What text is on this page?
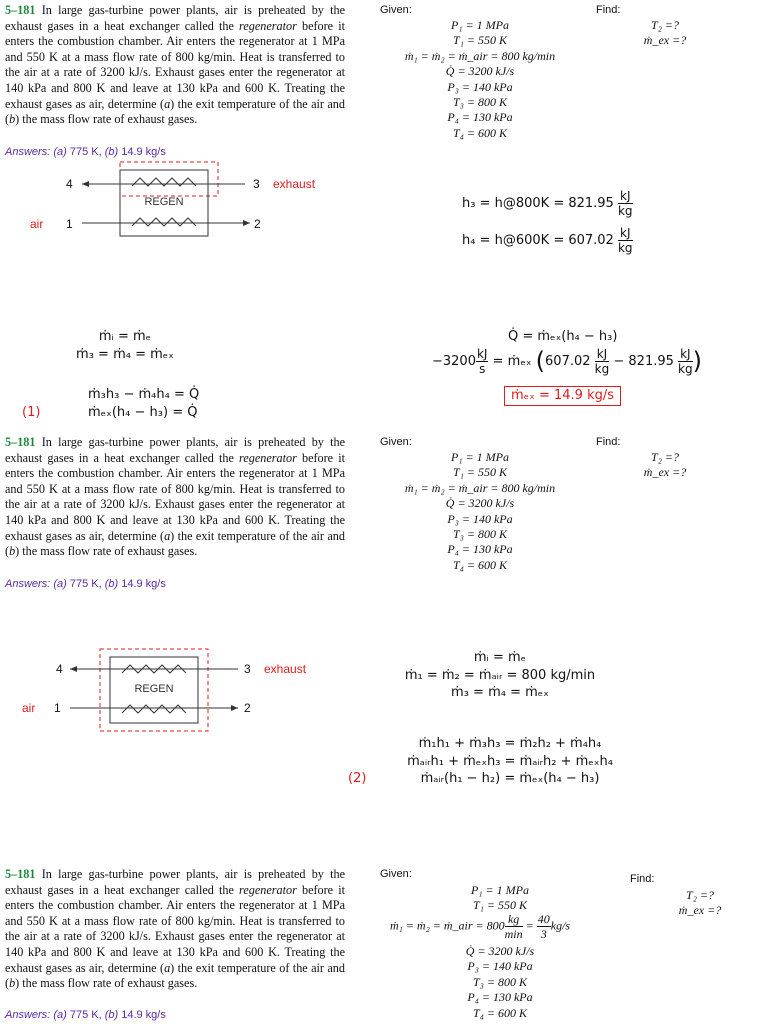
5–181 In large gas-turbine power plants, air is preheated by the exhaust gases in a heat exchanger called the regenerator before it enters the combustion chamber. Air enters the regenerator at 1 MPa and 550 K at a mass flow rate of 800 kg/min. Heat is transferred to the air at a rate of 3200 kJ/s. Exhaust gases enter the regenerator at 140 kPa and 800 K and leave at 130 kPa and 600 K. Treating the exhaust gases as air, determine (a) the exit temperature of the air and (b) the mass flow rate of exhaust gases.

Answers: (a) 775 K, (b) 14.9 kg/s
Given:	Find:
P₁ = 1 MPa
T₁ = 550 K
ṁ₁ = ṁ₂ = ṁ_air = 800 kg/min
Q̇ = 3200 kJ/s
P₃ = 140 kPa
T₃ = 800 K
P₄ = 130 kPa
T₄ = 600 K
T₂ =?
ṁ_ex =?
REGEN
4	3 exhaust
air 1	2
h₃ = h@800K = $821.95 \frac{kJ}{kg}$
h₄ = h@600K = $607.02 \frac{kJ}{kg}$
ṁᵢ = ṁₑ
ṁ₃ = ṁ₄ = ṁₑₓ
ṁ₃h₃ − ṁ₄h₄ = Q̇
ṁₑₓ(h₄ − h₃) = Q̇
(1)
Q̇ = ṁₑₓ(h₄ − h₃)
$-3200 \frac{kJ}{s}$ = ṁₑₓ ($607.02 \frac{kJ}{kg} - 821.95 \frac{kJ}{kg}$ )
ṁₑₓ = 14.9 kg/s

5–181 In large gas-turbine power plants, air is preheated by the exhaust gases in a heat exchanger called the regenerator before it enters the combustion chamber. Air enters the regenerator at 1 MPa and 550 K at a mass flow rate of 800 kg/min. Heat is transferred to the air at a rate of 3200 kJ/s. Exhaust gases enter the regenerator at 140 kPa and 800 K and leave at 130 kPa and 600 K. Treating the exhaust gases as air, determine (a) the exit temperature of the air and (b) the mass flow rate of exhaust gases.

Answers: (a) 775 K, (b) 14.9 kg/s
Given:	Find:
P₁ = 1 MPa
T₁ = 550 K
ṁ₁ = ṁ₂ = ṁ_air = 800 kg/min
Q̇ = 3200 kJ/s
P₃ = 140 kPa
T₃ = 800 K
P₄ = 130 kPa
T₄ = 600 K
T₂ =?
ṁ_ex =?
REGEN
4	3 exhaust
air 1	2
ṁᵢ = ṁₑ
ṁ₁ = ṁ₂ = ṁₐᵢᵣ = 800 kg/min
ṁ₃ = ṁ₄ = ṁₑₓ
ṁ₁h₁ + ṁ₃h₃ = ṁ₂h₂ + ṁ₄h₄
ṁₐᵢᵣh₁ + ṁₑₓh₃ = ṁₐᵢᵣh₂ + ṁₑₓh₄
ṁₐᵢᵣ(h₁ − h₂) = ṁₑₓ(h₄ − h₃)
(2)

5–181 In large gas-turbine power plants, air is preheated by the exhaust gases in a heat exchanger called the regenerator before it enters the combustion chamber. Air enters the regenerator at 1 MPa and 550 K at a mass flow rate of 800 kg/min. Heat is transferred to the air at a rate of 3200 kJ/s. Exhaust gases enter the regenerator at 140 kPa and 800 K and leave at 130 kPa and 600 K. Treating the exhaust gases as air, determine (a) the exit temperature of the air and (b) the mass flow rate of exhaust gases.

Answers: (a) 775 K, (b) 14.9 kg/s
Given:	Find:
P₁ = 1 MPa
T₁ = 550 K
ṁ₁ = ṁ₂ = ṁ_air = $800 \frac{kg}{\min} = \frac{40}{3} kg/s$
Q̇ = 3200 kJ/s
P₃ = 140 kPa
T₃ = 800 K
P₄ = 130 kPa
T₄ = 600 K
T₂ =?
ṁ_ex =?
